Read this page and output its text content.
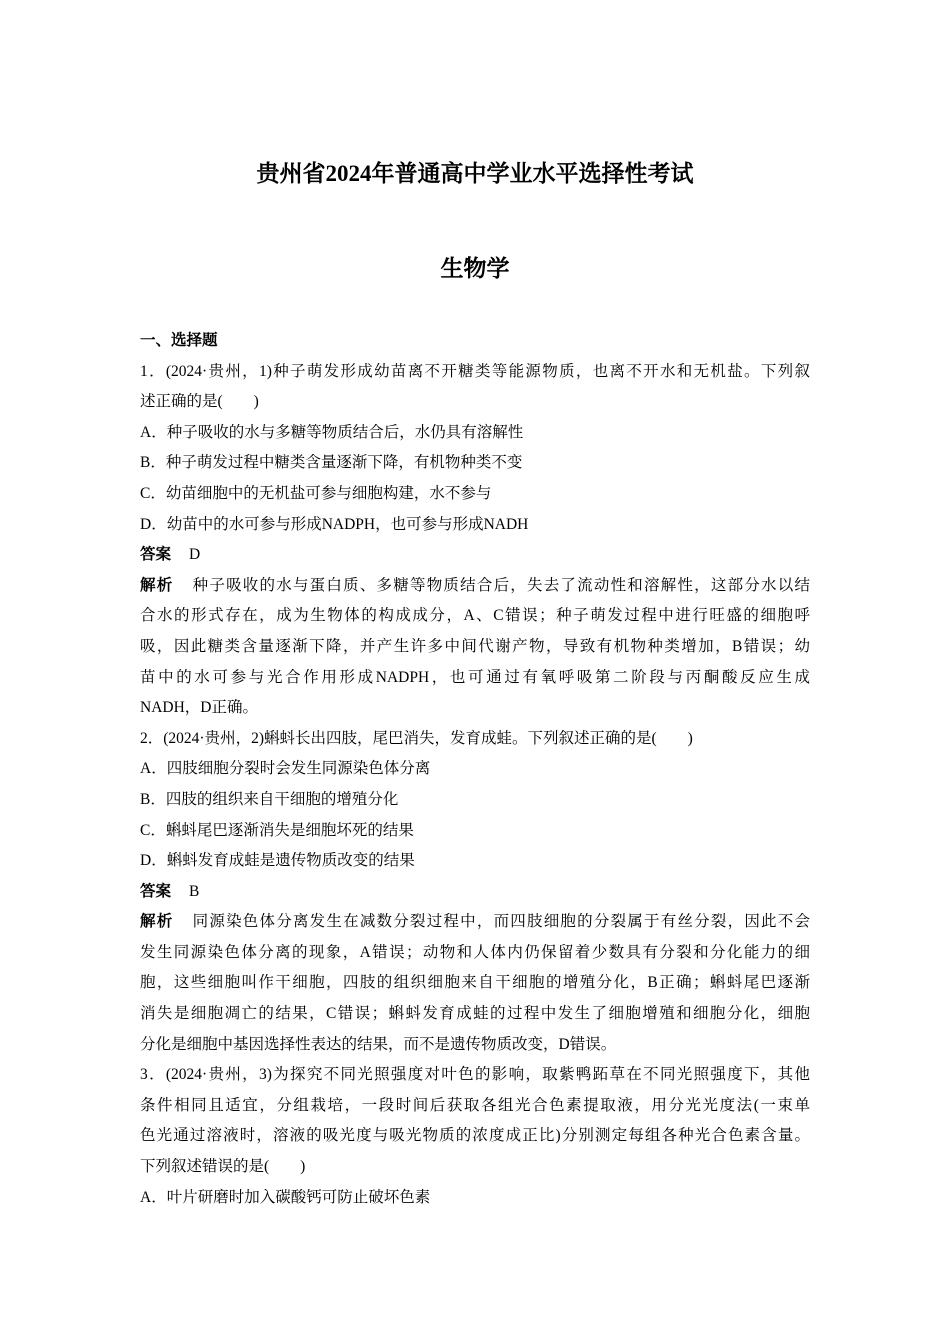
贵州省2024年普通高中学业水平选择性考试
生物学
一、选择题
1．(2024·贵州，1)种子萌发形成幼苗离不开糖类等能源物质，也离不开水和无机盐。下列叙
述正确的是(　　)
A．种子吸收的水与多糖等物质结合后，水仍具有溶解性
B．种子萌发过程中糖类含量逐渐下降，有机物种类不变
C．幼苗细胞中的无机盐可参与细胞构建，水不参与
D．幼苗中的水可参与形成NADPH，也可参与形成NADH
答案 D
解析 种子吸收的水与蛋白质、多糖等物质结合后，失去了流动性和溶解性，这部分水以结
合水的形式存在，成为生物体的构成成分，A、C错误；种子萌发过程中进行旺盛的细胞呼
吸，因此糖类含量逐渐下降，并产生许多中间代谢产物，导致有机物种类增加，B错误；幼
苗中的水可参与光合作用形成NADPH，也可通过有氧呼吸第二阶段与丙酮酸反应生成
NADH，D正确。
2．(2024·贵州，2)蝌蚪长出四肢，尾巴消失，发育成蛙。下列叙述正确的是(　　)
A．四肢细胞分裂时会发生同源染色体分离
B．四肢的组织来自干细胞的增殖分化
C．蝌蚪尾巴逐渐消失是细胞坏死的结果
D．蝌蚪发育成蛙是遗传物质改变的结果
答案 B
解析 同源染色体分离发生在减数分裂过程中，而四肢细胞的分裂属于有丝分裂，因此不会
发生同源染色体分离的现象，A错误；动物和人体内仍保留着少数具有分裂和分化能力的细
胞，这些细胞叫作干细胞，四肢的组织细胞来自干细胞的增殖分化，B正确；蝌蚪尾巴逐渐
消失是细胞凋亡的结果，C错误；蝌蚪发育成蛙的过程中发生了细胞增殖和细胞分化，细胞
分化是细胞中基因选择性表达的结果，而不是遗传物质改变，D错误。
3．(2024·贵州，3)为探究不同光照强度对叶色的影响，取紫鸭跖草在不同光照强度下，其他
条件相同且适宜，分组栽培，一段时间后获取各组光合色素提取液，用分光光度法(一束单
色光通过溶液时，溶液的吸光度与吸光物质的浓度成正比)分别测定每组各种光合色素含量。
下列叙述错误的是(　　)
A．叶片研磨时加入碳酸钙可防止破坏色素
